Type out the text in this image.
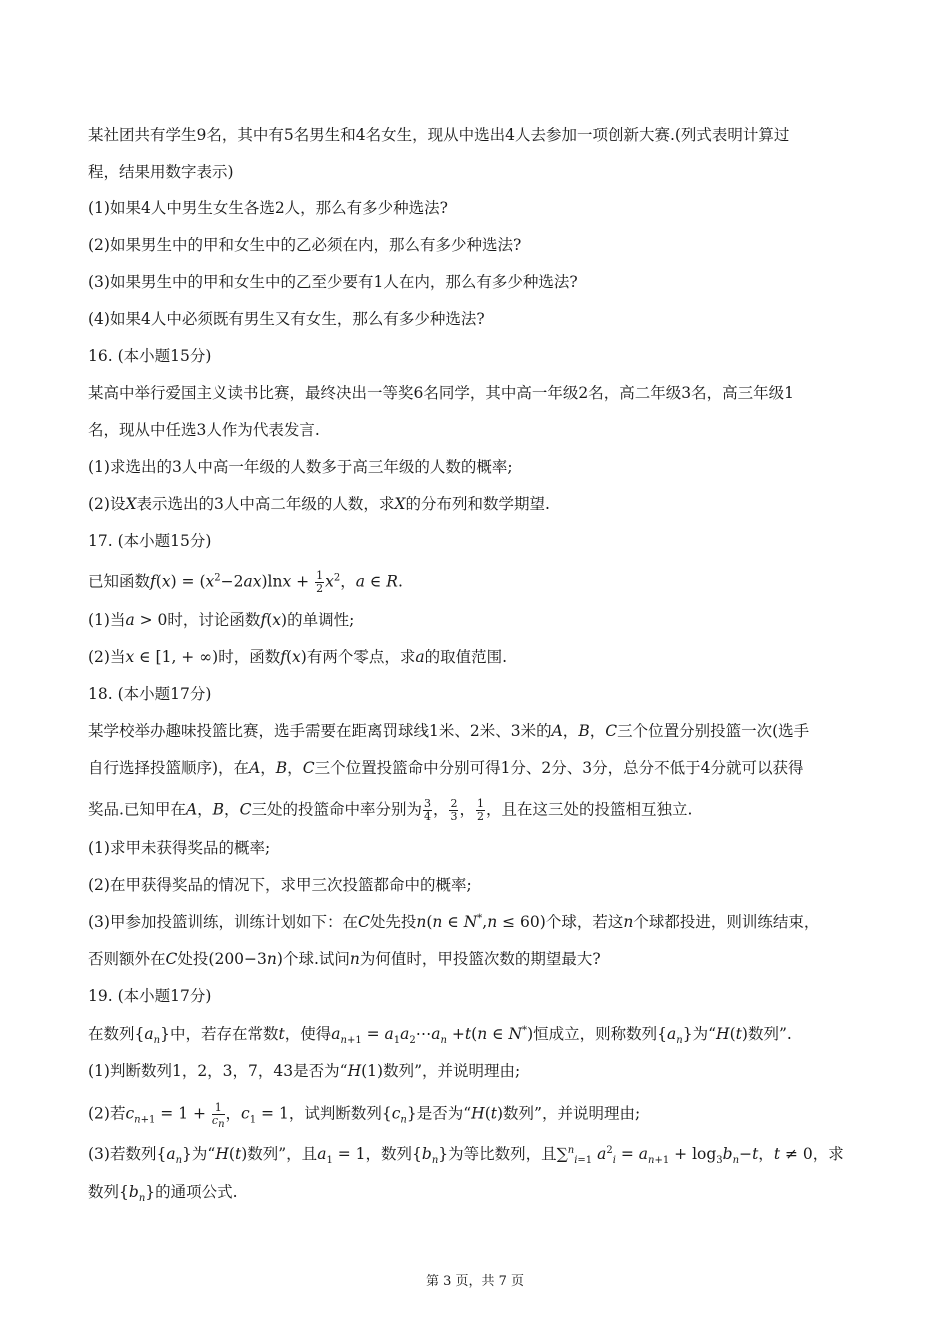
某社团共有学生9名，其中有5名男生和4名女生，现从中选出4人去参加一项创新大赛.(列式表明计算过

程，结果用数字表示)

(1)如果4人中男生女生各选2人，那么有多少种选法?

(2)如果男生中的甲和女生中的乙必须在内，那么有多少种选法?

(3)如果男生中的甲和女生中的乙至少要有1人在内，那么有多少种选法?

(4)如果4人中必须既有男生又有女生，那么有多少种选法?

16. (本小题15分)

某高中举行爱国主义读书比赛，最终决出一等奖6名同学，其中高一年级2名，高二年级3名，高三年级1

名，现从中任选3人作为代表发言.

(1)求选出的3人中高一年级的人数多于高三年级的人数的概率;

(2)设X表示选出的3人中高二年级的人数，求X的分布列和数学期望.

17. (本小题15分)

已知函数$f(x) = (x^2-2ax)\ln x + \frac{1}{2} x^2$，a ∈ R.

(1)当a > 0时，讨论函数f(x)的单调性;

(2)当x ∈ [1, + ∞)时，函数f(x)有两个零点，求a的取值范围.

18. (本小题17分)

某学校举办趣味投篮比赛，选手需要在距离罚球线1米、2米、3米的A，B，C三个位置分别投篮一次(选手

自行选择投篮顺序)，在A，B，C三个位置投篮命中分别可得1分、2分、3分，总分不低于4分就可以获得

奖品.已知甲在A，B，C三处的投篮命中率分别为 $\frac{3}{4}$ ， $\frac{2}{3}$ ， $\frac{1}{2}$ ，且在这三处的投篮相互独立.

(1)求甲未获得奖品的概率;

(2)在甲获得奖品的情况下，求甲三次投篮都命中的概率;

(3)甲参加投篮训练，训练计划如下：在C处先投n(n ∈ N*,n ≤ 60)个球，若这n个球都投进，则训练结束，

否则额外在C处投(200−3n)个球.试问n为何值时，甲投篮次数的期望最大?

19. (本小题17分)

在数列$\{a_n\}$中，若存在常数t，使得$a_{n+1}$ = $a_1a_2\cdots a_n +t(n$ ∈ N*)恒成立，则称数列$\{a_n\}$为“H(t)数列”.

(1)判断数列1，2，3，7，43是否为“H(1)数列”，并说明理由;

(2)若$c_{n+1} = 1 + \frac{1}{c_n}$ ，$c_1 = 1$，试判断数列$\{c_n\}$是否为“H(t)数列”，并说明理由;

(3)若数列$\{a_n\}$为“H(t)数列”，且$a_1 = 1$，数列$\{b_n\}$为等比数列，且∑$^n_{i=1}$ $a^2_i = a_{n+1} + \log_3b_n-t$，t ≠ 0，求

数列$\{b_n\}$的通项公式.

第 3 页，共 7 页
